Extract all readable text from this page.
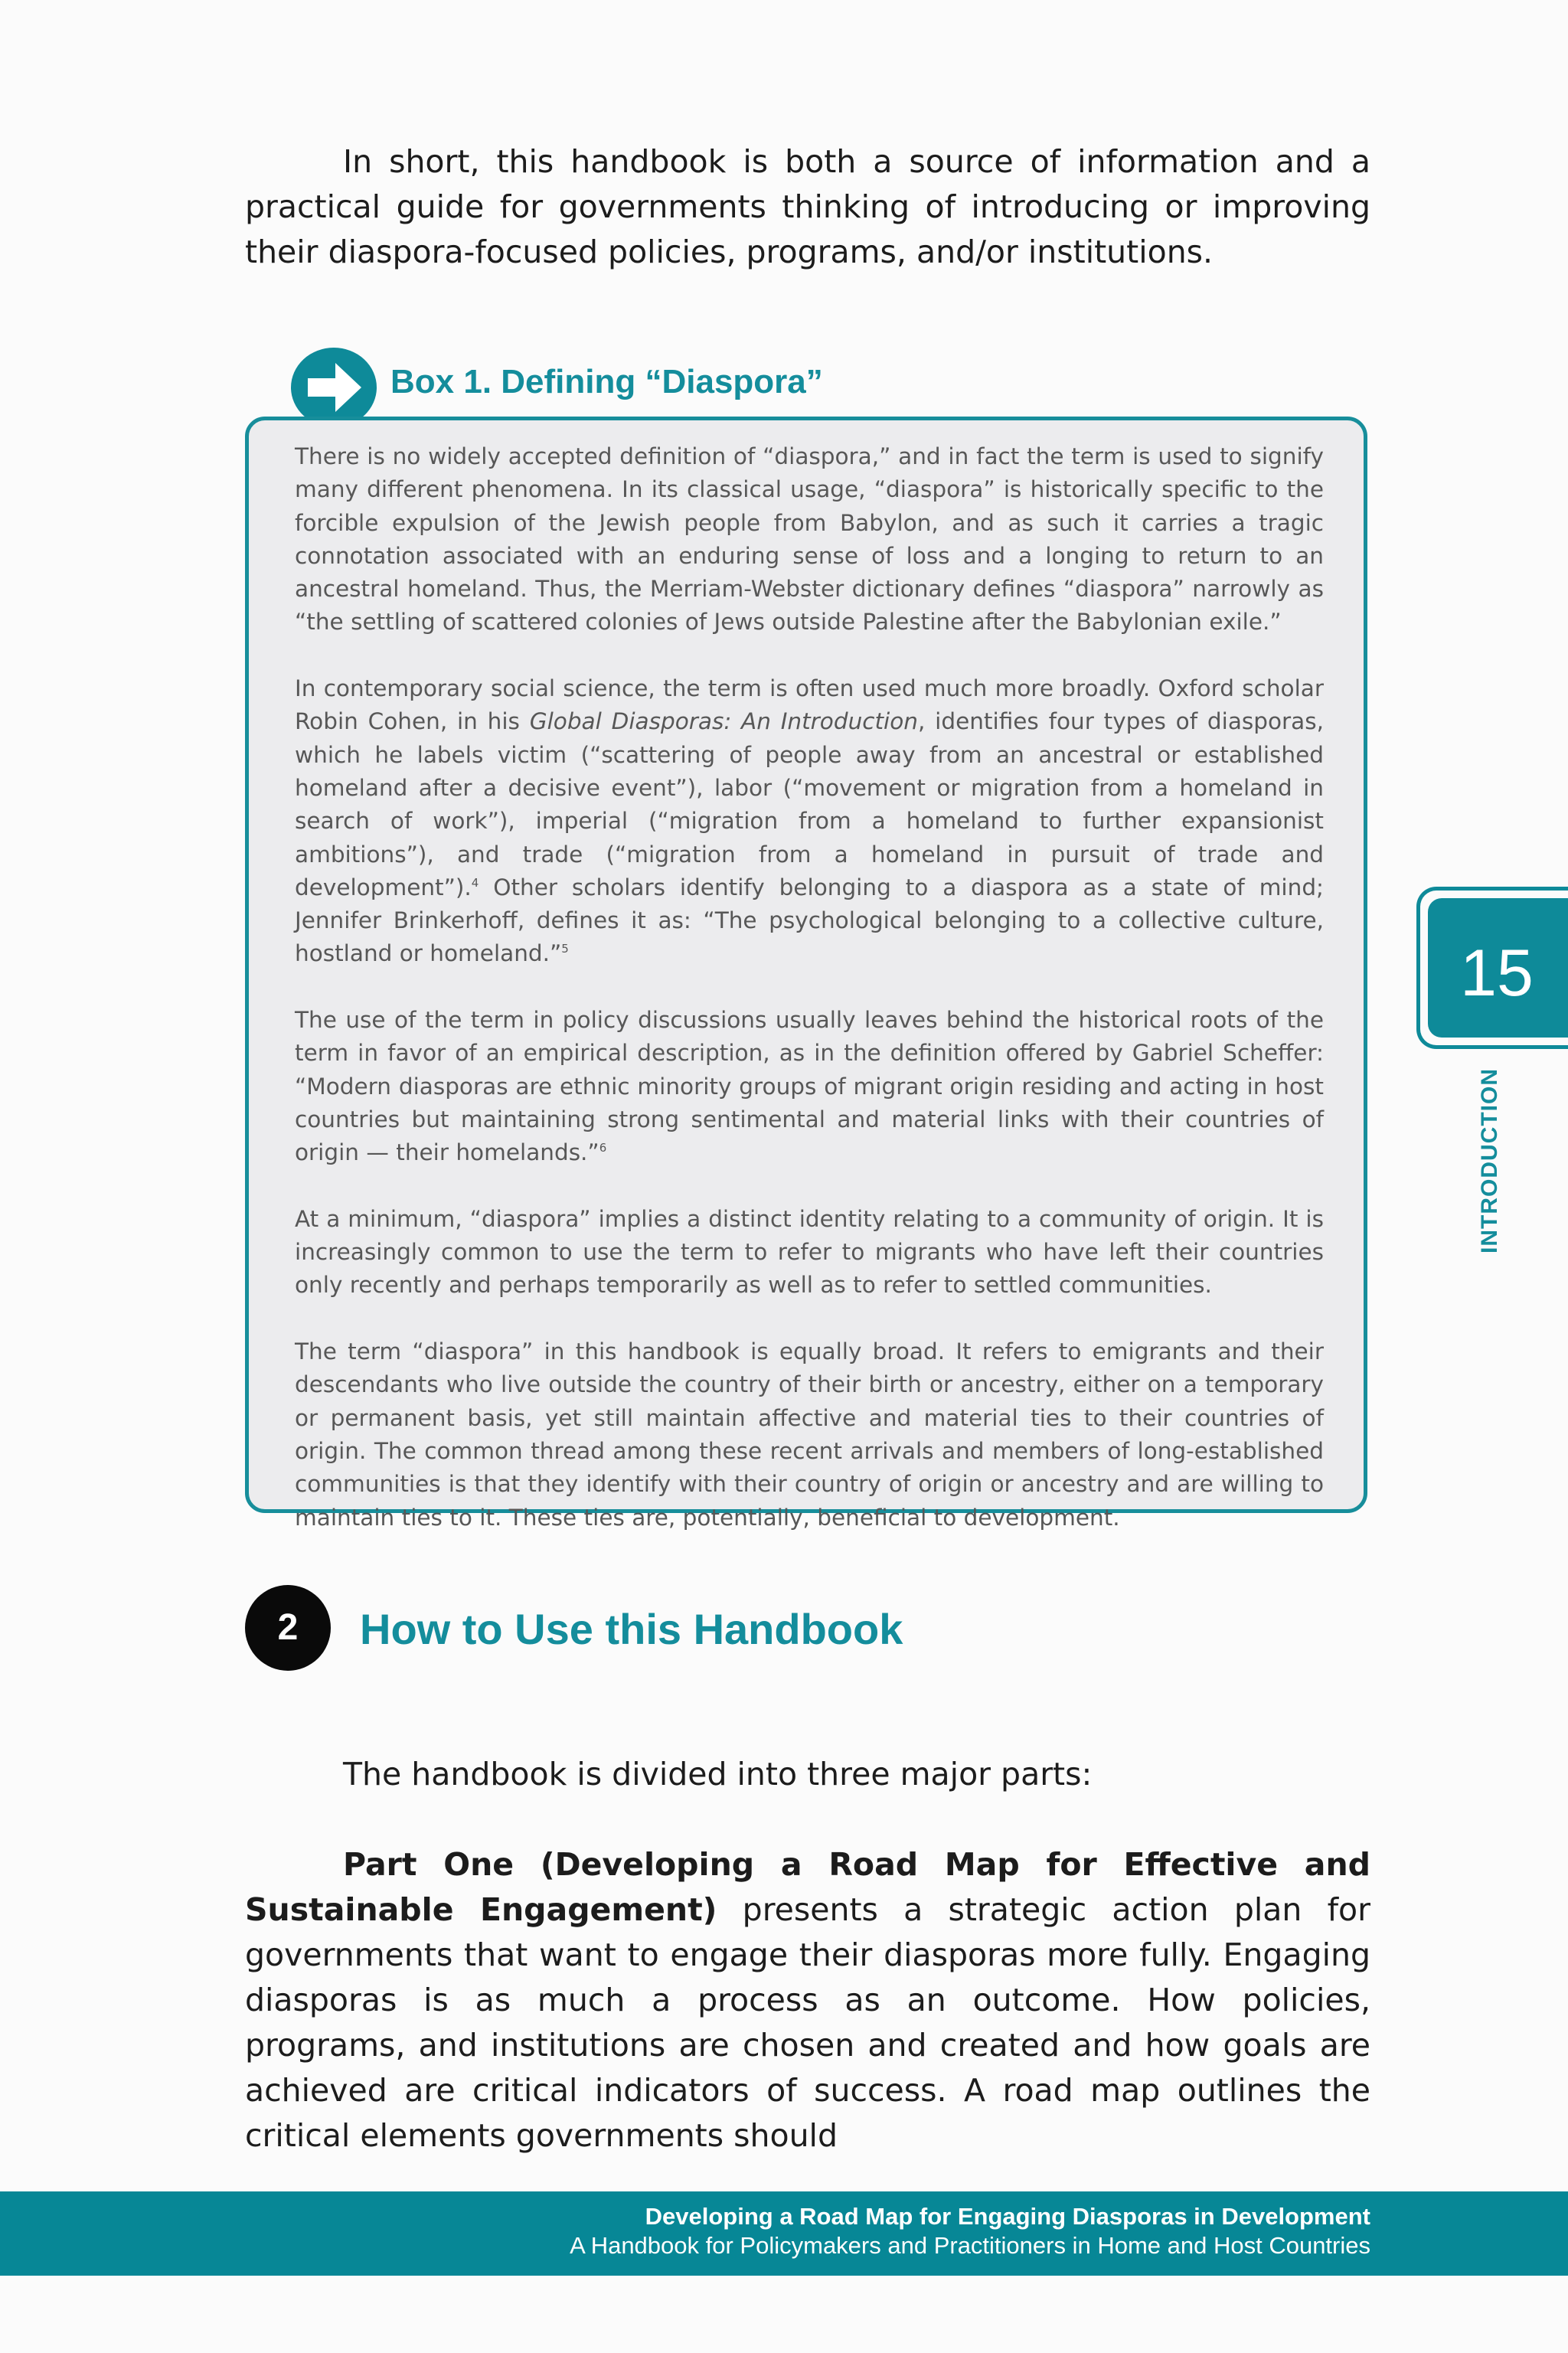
In short, this handbook is both a source of information and a practical guide for governments thinking of introducing or improving their diaspora-focused policies, programs, and/or institutions.

Box 1. Defining “Diaspora”

There is no widely accepted definition of “diaspora,” and in fact the term is used to signify many different phenomena. In its classical usage, “diaspora” is historically specific to the forcible expulsion of the Jewish people from Babylon, and as such it carries a tragic connotation associated with an enduring sense of loss and a longing to return to an ancestral homeland. Thus, the Merriam-Webster dictionary defines “diaspora” narrowly as “the settling of scattered colonies of Jews outside Palestine after the Babylonian exile.”

In contemporary social science, the term is often used much more broadly. Oxford scholar Robin Cohen, in his Global Diasporas: An Introduction, identifies four types of diasporas, which he labels victim (“scattering of people away from an ancestral or established homeland after a decisive event”), labor (“movement or migration from a homeland in search of work”), imperial (“migration from a homeland to further expansionist ambitions”), and trade (“migration from a homeland in pursuit of trade and development”).$^4$ Other scholars identify belonging to a diaspora as a state of mind; Jennifer Brinkerhoff, defines it as: “The psychological belonging to a collective culture, hostland or homeland.”$^5$

The use of the term in policy discussions usually leaves behind the historical roots of the term in favor of an empirical description, as in the definition offered by Gabriel Scheffer: “Modern diasporas are ethnic minority groups of migrant origin residing and acting in host countries but maintaining strong sentimental and material links with their countries of origin — their homelands.”$^6$

At a minimum, “diaspora” implies a distinct identity relating to a community of origin. It is increasingly common to use the term to refer to migrants who have left their countries only recently and perhaps temporarily as well as to refer to settled communities.

The term “diaspora” in this handbook is equally broad. It refers to emigrants and their descendants who live outside the country of their birth or ancestry, either on a temporary or permanent basis, yet still maintain affective and material ties to their countries of origin. The common thread among these recent arrivals and members of long-established communities is that they identify with their country of origin or ancestry and are willing to maintain ties to it. These ties are, potentially, beneficial to development.

2	How to Use this Handbook

The handbook is divided into three major parts:

Part One (Developing a Road Map for Effective and Sustainable Engagement) presents a strategic action plan for governments that want to engage their diasporas more fully. Engaging diasporas is as much a process as an outcome. How policies, programs, and institutions are chosen and created and how goals are achieved are critical indicators of success. A road map outlines the critical elements governments should

15
INTRODUCTION
Developing a Road Map for Engaging Diasporas in Development
A Handbook for Policymakers and Practitioners in Home and Host Countries
